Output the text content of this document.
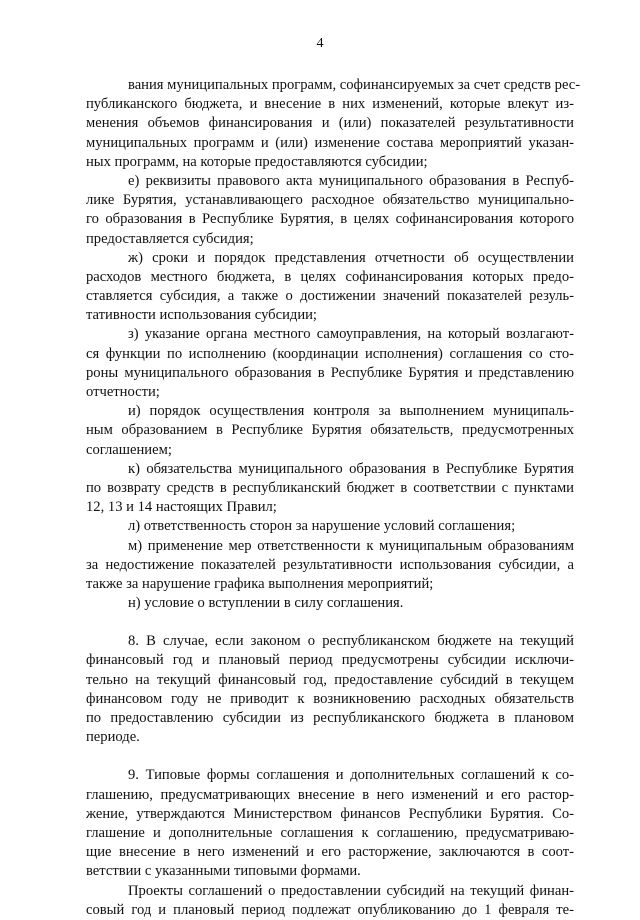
4
вания муниципальных программ, софинансируемых за счет средств рес-
публиканского бюджета, и внесение в них изменений, которые влекут из-
менения объемов финансирования и (или) показателей результативности
муниципальных программ и (или) изменение состава мероприятий указан-
ных программ, на которые предоставляются субсидии;
е) реквизиты правового акта муниципального образования в Респуб-
лике Бурятия, устанавливающего расходное обязательство муниципально-
го образования в Республике Бурятия, в целях софинансирования которого
предоставляется субсидия;
ж) сроки и порядок представления отчетности об осуществлении
расходов местного бюджета, в целях софинансирования которых предо-
ставляется субсидия, а также о достижении значений показателей резуль-
тативности использования субсидии;
з) указание органа местного самоуправления, на который возлагают-
ся функции по исполнению (координации исполнения) соглашения со сто-
роны муниципального образования в Республике Бурятия и представлению
отчетности;
и) порядок осуществления контроля за выполнением муниципаль-
ным образованием в Республике Бурятия обязательств, предусмотренных
соглашением;
к) обязательства муниципального образования в Республике Бурятия
по возврату средств в республиканский бюджет в соответствии с пунктами
12, 13 и 14 настоящих Правил;
л) ответственность сторон за нарушение условий соглашения;
м) применение мер ответственности к муниципальным образованиям
за недостижение показателей результативности использования субсидии, а
также за нарушение графика выполнения мероприятий;
н) условие о вступлении в силу соглашения.
8. В случае, если законом о республиканском бюджете на текущий
финансовый год и плановый период предусмотрены субсидии исключи-
тельно на текущий финансовый год, предоставление субсидий в текущем
финансовом году не приводит к возникновению расходных обязательств
по предоставлению субсидии из республиканского бюджета в плановом
периоде.
9. Типовые формы соглашения и дополнительных соглашений к со-
глашению, предусматривающих внесение в него изменений и его растор-
жение, утверждаются Министерством финансов Республики Бурятия. Со-
глашение и дополнительные соглашения к соглашению, предусматриваю-
щие внесение в него изменений и его расторжение, заключаются в соот-
ветствии с указанными типовыми формами.
Проекты соглашений о предоставлении субсидий на текущий финан-
совый год и плановый период подлежат опубликованию до 1 февраля те-
